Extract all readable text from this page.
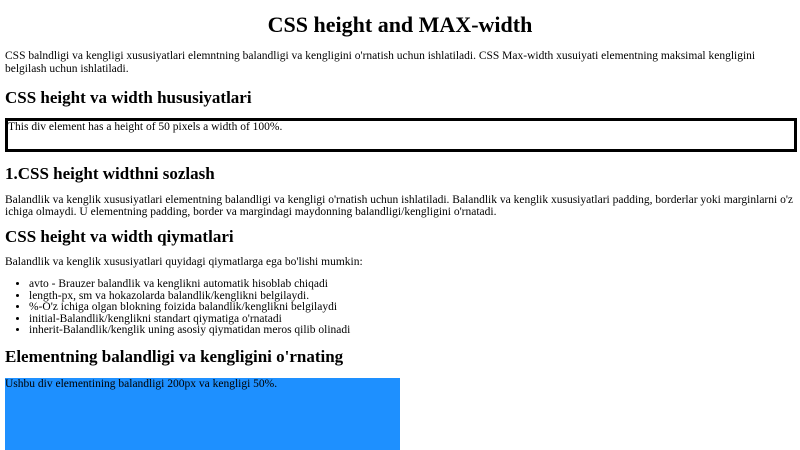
CSS height and MAX-width

CSS balndligi va kengligi xususiyatlari elemntning balandligi va kengligini o'rnatish uchun ishlatiladi. CSS Max-width xusuiyati elementning maksimal kengligini belgilash uchun ishlatiladi.

CSS height va width hususiyatlari
This div element has a height of 50 pixels a width of 100%.
1.CSS height widthni sozlash

Balandlik va kenglik xususiyatlari elementning balandligi va kengligi o'rnatish uchun ishlatiladi. Balandlik va kenglik xususiyatlari padding, borderlar yoki marginlarni o'z ichiga olmaydi. U elementning padding, border va margindagi maydonning balandligi/kengligini o'rnatadi.

CSS height va width qiymatlari

Balandlik va kenglik xususiyatlari quyidagi qiymatlarga ega bo'lishi mumkin:

• avto - Brauzer balandlik va kenglikni automatik hisoblab chiqadi
• length-px, sm va hokazolarda balandlik/kenglikni belgilaydi.
• %-O'z ichiga olgan blokning foizida balandlik/kenglikni belgilaydi
• initial-Balandlik/kenglikni standart qiymatiga o'rnatadi
• inherit-Balandlik/kenglik uning asosiy qiymatidan meros qilib olinadi
Elementning balandligi va kengligini o'rnating
Ushbu div elementining balandligi 200px va kengligi 50%.
